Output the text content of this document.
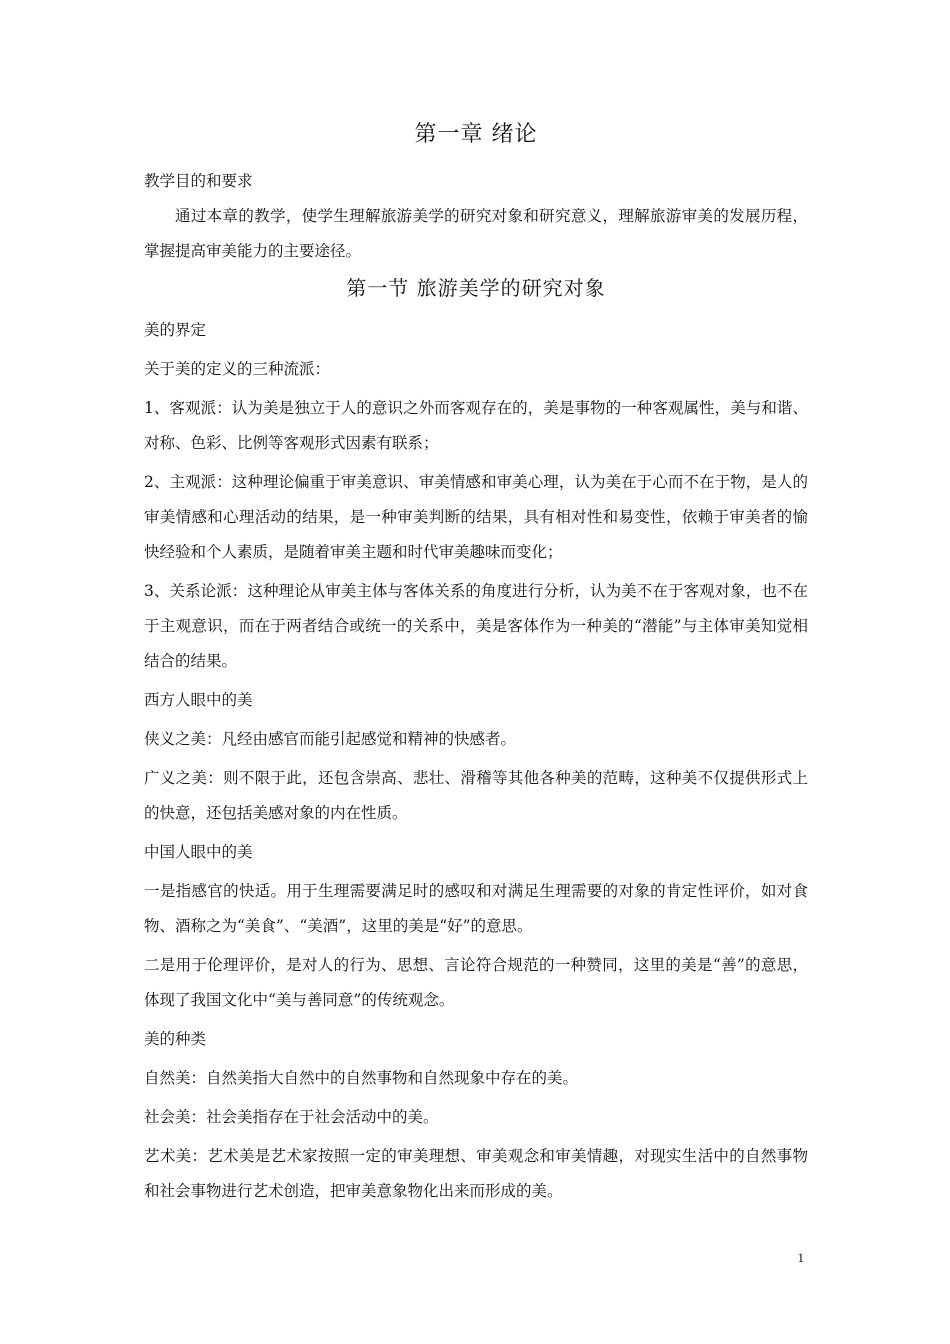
第一章 绪论

教学目的和要求

通过本章的教学，使学生理解旅游美学的研究对象和研究意义，理解旅游审美的发展历程，掌握提高审美能力的主要途径。

第一节 旅游美学的研究对象

美的界定

关于美的定义的三种流派：

1、客观派：认为美是独立于人的意识之外而客观存在的，美是事物的一种客观属性，美与和谐、对称、色彩、比例等客观形式因素有联系；

2、主观派：这种理论偏重于审美意识、审美情感和审美心理，认为美在于心而不在于物，是人的审美情感和心理活动的结果，是一种审美判断的结果，具有相对性和易变性，依赖于审美者的愉快经验和个人素质，是随着审美主题和时代审美趣味而变化；

3、关系论派：这种理论从审美主体与客体关系的角度进行分析，认为美不在于客观对象，也不在于主观意识，而在于两者结合或统一的关系中，美是客体作为一种美的“潜能”与主体审美知觉相结合的结果。

西方人眼中的美

侠义之美：凡经由感官而能引起感觉和精神的快感者。

广义之美：则不限于此，还包含崇高、悲壮、滑稽等其他各种美的范畴，这种美不仅提供形式上的快意，还包括美感对象的内在性质。

中国人眼中的美

一是指感官的快适。用于生理需要满足时的感叹和对满足生理需要的对象的肯定性评价，如对食物、酒称之为“美食”、“美酒”，这里的美是“好”的意思。

二是用于伦理评价，是对人的行为、思想、言论符合规范的一种赞同，这里的美是“善”的意思，体现了我国文化中“美与善同意”的传统观念。

美的种类

自然美：自然美指大自然中的自然事物和自然现象中存在的美。

社会美：社会美指存在于社会活动中的美。

艺术美：艺术美是艺术家按照一定的审美理想、审美观念和审美情趣，对现实生活中的自然事物和社会事物进行艺术创造，把审美意象物化出来而形成的美。

1
